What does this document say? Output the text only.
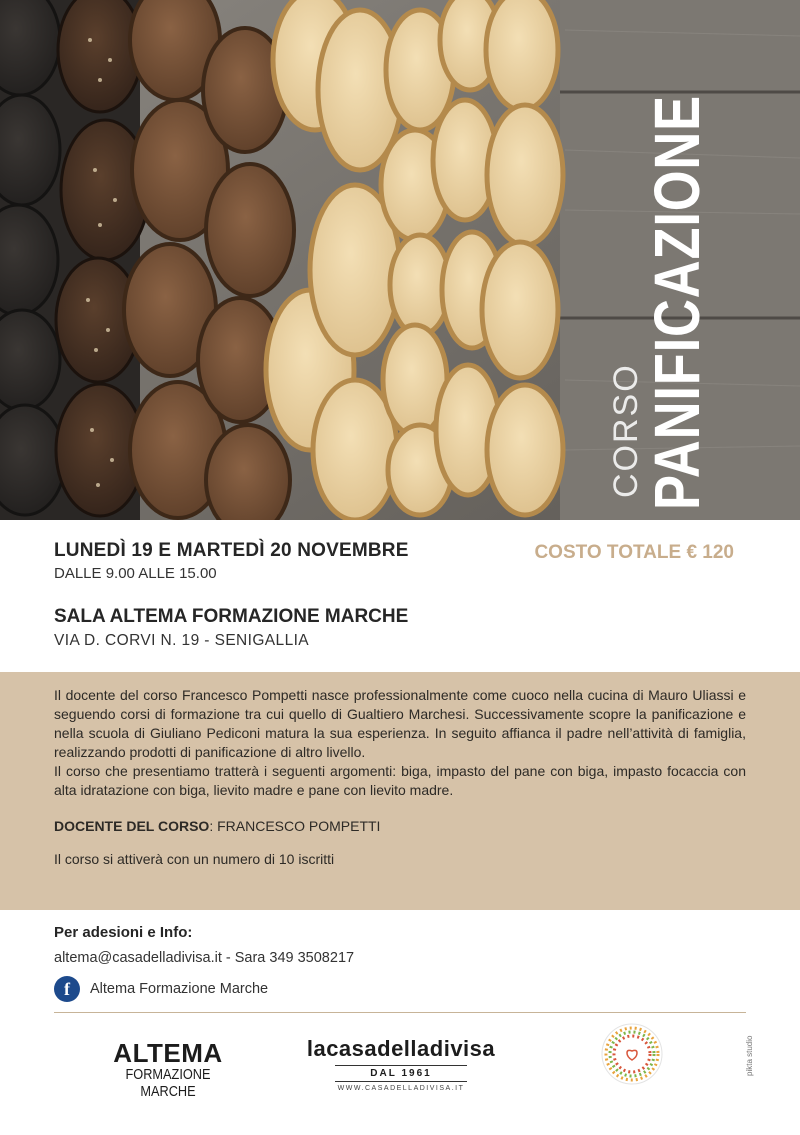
CORSO
PANIFICAZIONE
LUNEDÌ 19 E MARTEDÌ 20 NOVEMBRE
DALLE 9.00 ALLE 15.00
COSTO TOTALE € 120
SALA ALTEMA FORMAZIONE MARCHE
VIA D. CORVI N. 19 - SENIGALLIA

Il docente del corso Francesco Pompetti nasce professionalmente come cuoco nella cucina di Mauro Uliassi e seguendo corsi di formazione tra cui quello di Gualtiero Marchesi. Successivamente scopre la panificazione e nella scuola di Giuliano Pediconi matura la sua esperienza. In seguito affianca il padre nell’attività di famiglia, realizzando prodotti di panificazione di altro livello.

Il corso che presentiamo tratterà i seguenti argomenti: biga, impasto del pane con biga, impasto focaccia con alta idratazione con biga, lievito madre e pane con lievito madre.

DOCENTE DEL CORSO: FRANCESCO POMPETTI

Il corso si attiverà con un numero di 10 iscritti

Per adesioni e Info:
altema@casadelladivisa.it - Sara 349 3508217
f	Altema Formazione Marche
ALTEMA
FORMAZIONE MARCHE
lacasadelladivisa
DAL 1961
WWW.CASADELLADIVISA.IT
pikta studio
